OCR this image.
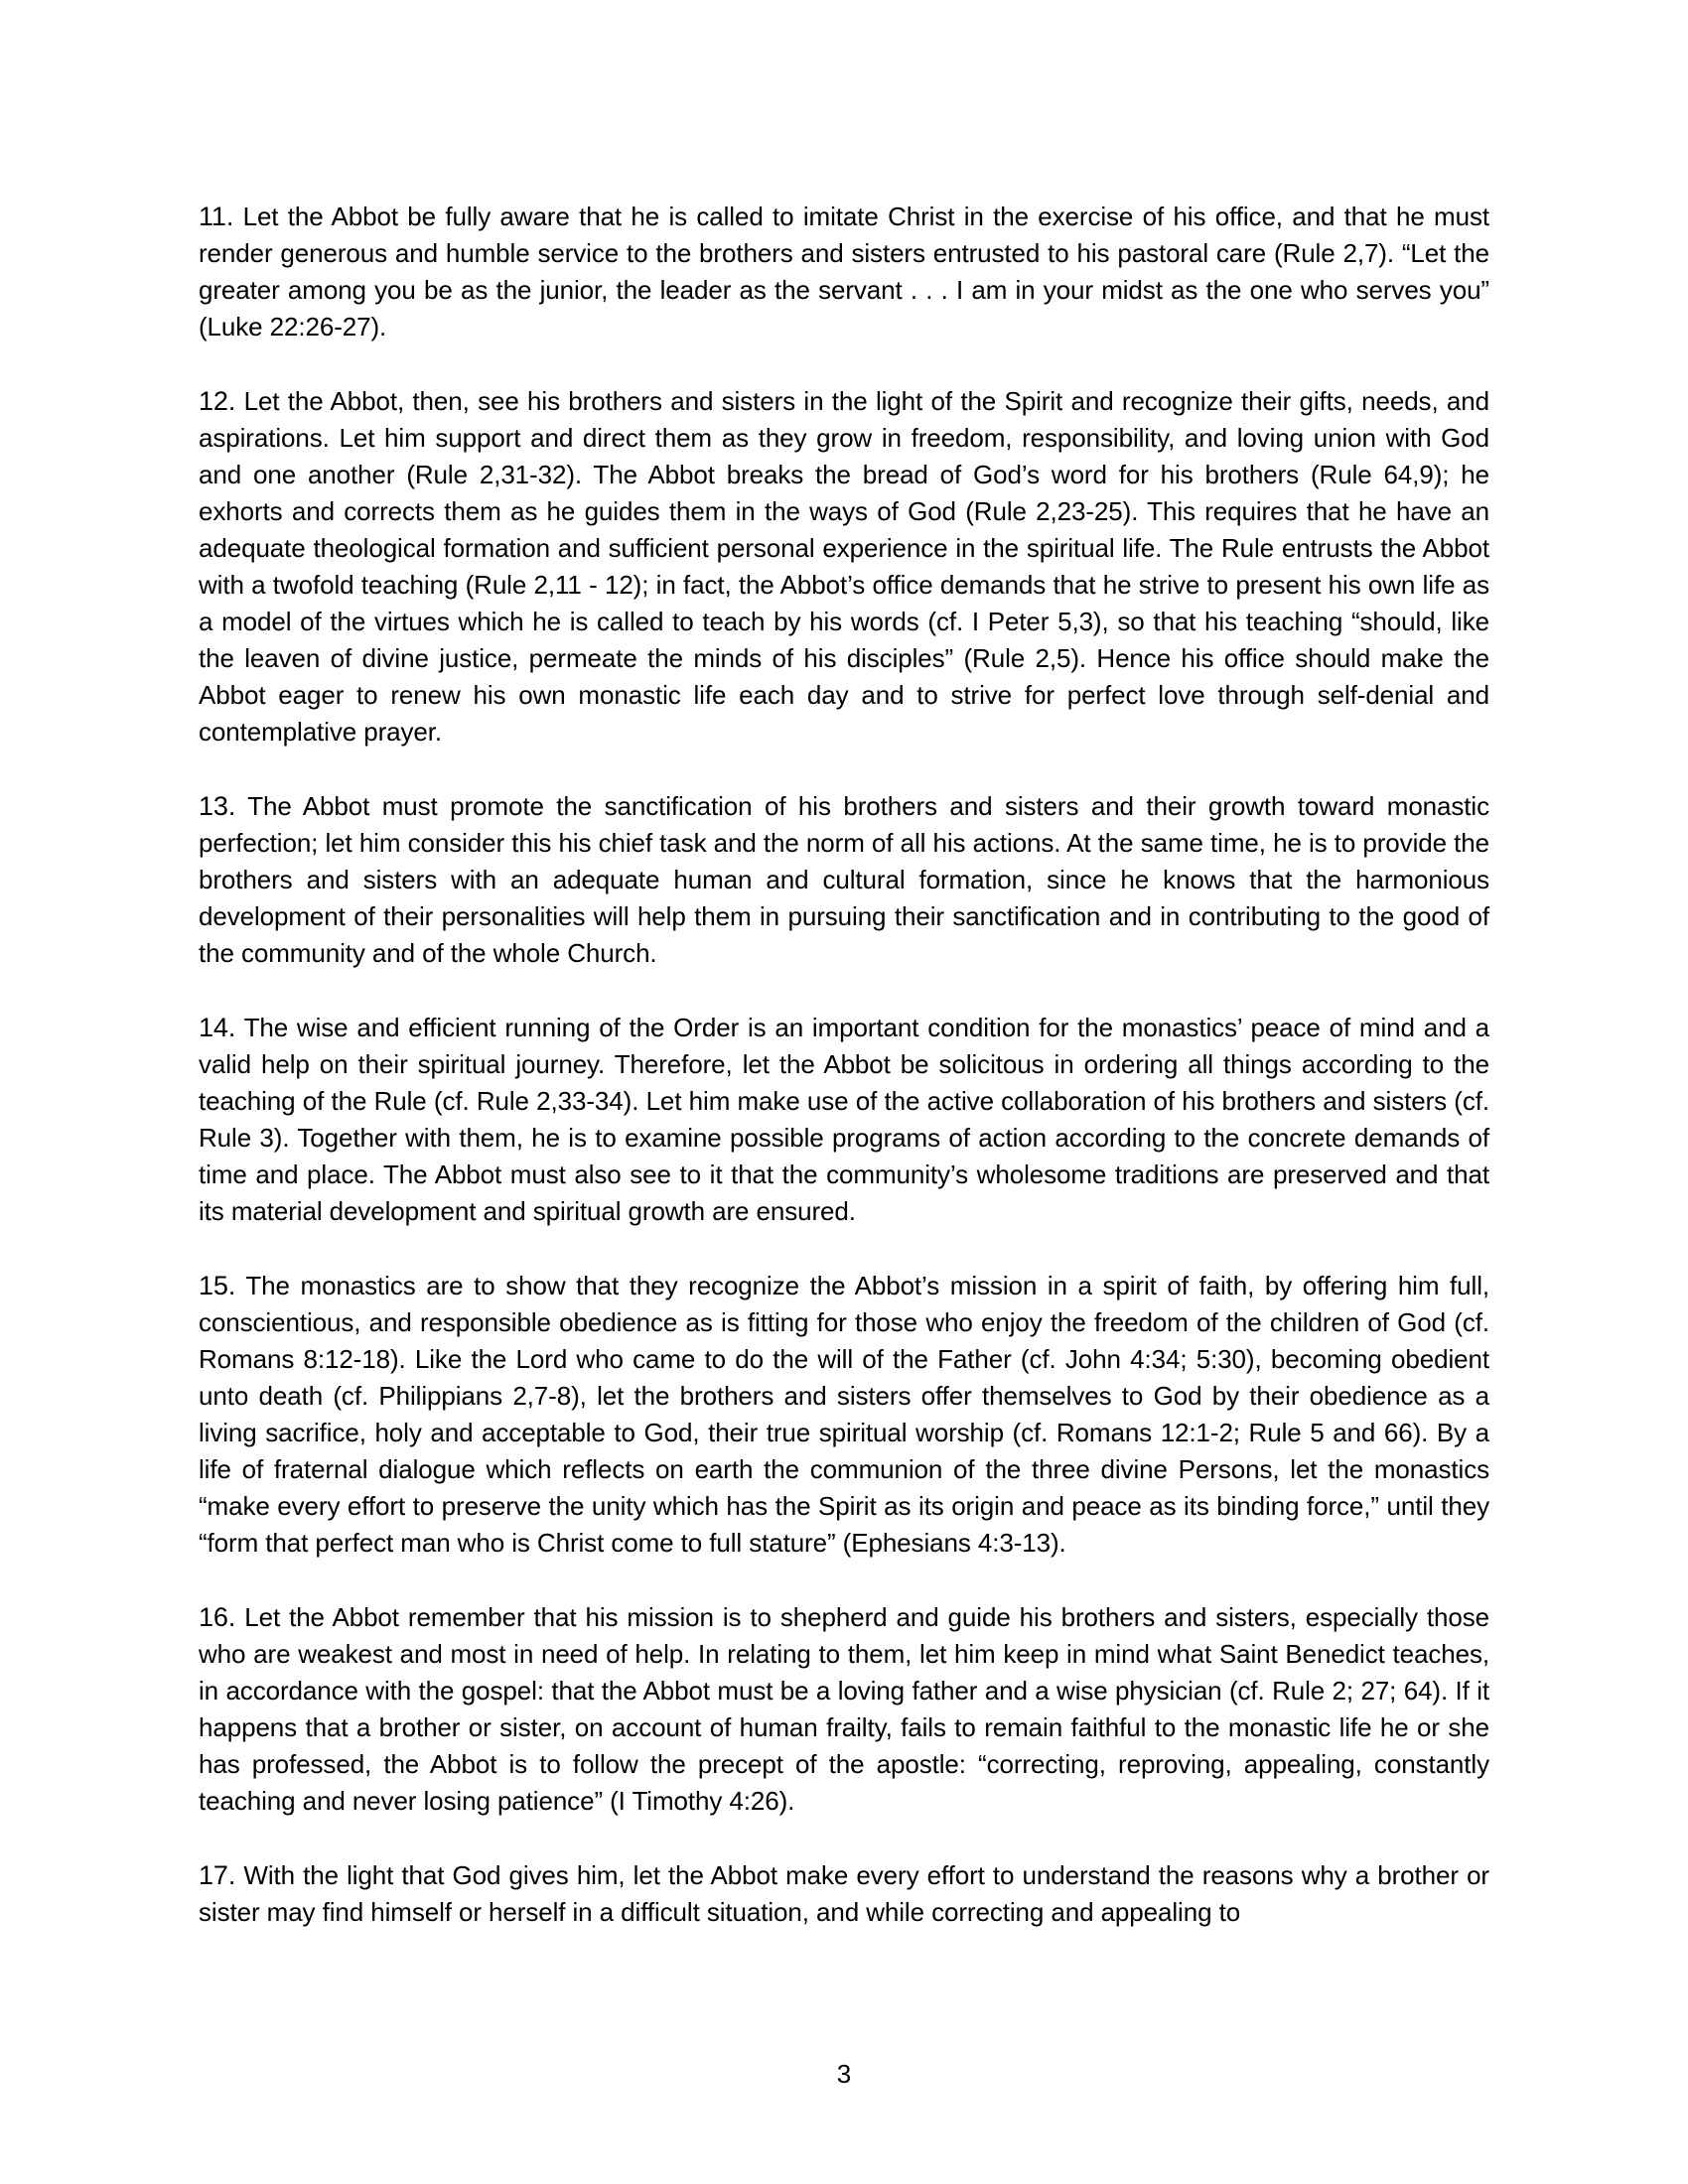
11. Let the Abbot be fully aware that he is called to imitate Christ in the exercise of his office, and that he must render generous and humble service to the brothers and sisters entrusted to his pastoral care (Rule 2,7). “Let the greater among you be as the junior, the leader as the servant . . . I am in your midst as the one who serves you” (Luke 22:26-27).

12. Let the Abbot, then, see his brothers and sisters in the light of the Spirit and recognize their gifts, needs, and aspirations. Let him support and direct them as they grow in freedom, responsibility, and loving union with God and one another (Rule 2,31-32). The Abbot breaks the bread of God’s word for his brothers (Rule 64,9); he exhorts and corrects them as he guides them in the ways of God (Rule 2,23-25). This requires that he have an adequate theological formation and sufficient personal experience in the spiritual life. The Rule entrusts the Abbot with a twofold teaching (Rule 2,11 - 12); in fact, the Abbot’s office demands that he strive to present his own life as a model of the virtues which he is called to teach by his words (cf. I Peter 5,3), so that his teaching “should, like the leaven of divine justice, permeate the minds of his disciples” (Rule 2,5). Hence his office should make the Abbot eager to renew his own monastic life each day and to strive for perfect love through self-denial and contemplative prayer.

13. The Abbot must promote the sanctification of his brothers and sisters and their growth toward monastic perfection; let him consider this his chief task and the norm of all his actions. At the same time, he is to provide the brothers and sisters with an adequate human and cultural formation, since he knows that the harmonious development of their personalities will help them in pursuing their sanctification and in contributing to the good of the community and of the whole Church.

14. The wise and efficient running of the Order is an important condition for the monastics’ peace of mind and a valid help on their spiritual journey. Therefore, let the Abbot be solicitous in ordering all things according to the teaching of the Rule (cf. Rule 2,33-34). Let him make use of the active collaboration of his brothers and sisters (cf. Rule 3). Together with them, he is to examine possible programs of action according to the concrete demands of time and place. The Abbot must also see to it that the community’s wholesome traditions are preserved and that its material development and spiritual growth are ensured.

15. The monastics are to show that they recognize the Abbot’s mission in a spirit of faith, by offering him full, conscientious, and responsible obedience as is fitting for those who enjoy the freedom of the children of God (cf. Romans 8:12-18). Like the Lord who came to do the will of the Father (cf. John 4:34; 5:30), becoming obedient unto death (cf. Philippians 2,7-8), let the brothers and sisters offer themselves to God by their obedience as a living sacrifice, holy and acceptable to God, their true spiritual worship (cf. Romans 12:1-2; Rule 5 and 66). By a life of fraternal dialogue which reflects on earth the communion of the three divine Persons, let the monastics “make every effort to preserve the unity which has the Spirit as its origin and peace as its binding force,” until they “form that perfect man who is Christ come to full stature” (Ephesians 4:3-13).

16. Let the Abbot remember that his mission is to shepherd and guide his brothers and sisters, especially those who are weakest and most in need of help. In relating to them, let him keep in mind what Saint Benedict teaches, in accordance with the gospel: that the Abbot must be a loving father and a wise physician (cf. Rule 2; 27; 64). If it happens that a brother or sister, on account of human frailty, fails to remain faithful to the monastic life he or she has professed, the Abbot is to follow the precept of the apostle: “correcting, reproving, appealing, constantly teaching and never losing patience” (I Timothy 4:26).

17. With the light that God gives him, let the Abbot make every effort to understand the reasons why a brother or sister may find himself or herself in a difficult situation, and while correcting and appealing to

3
